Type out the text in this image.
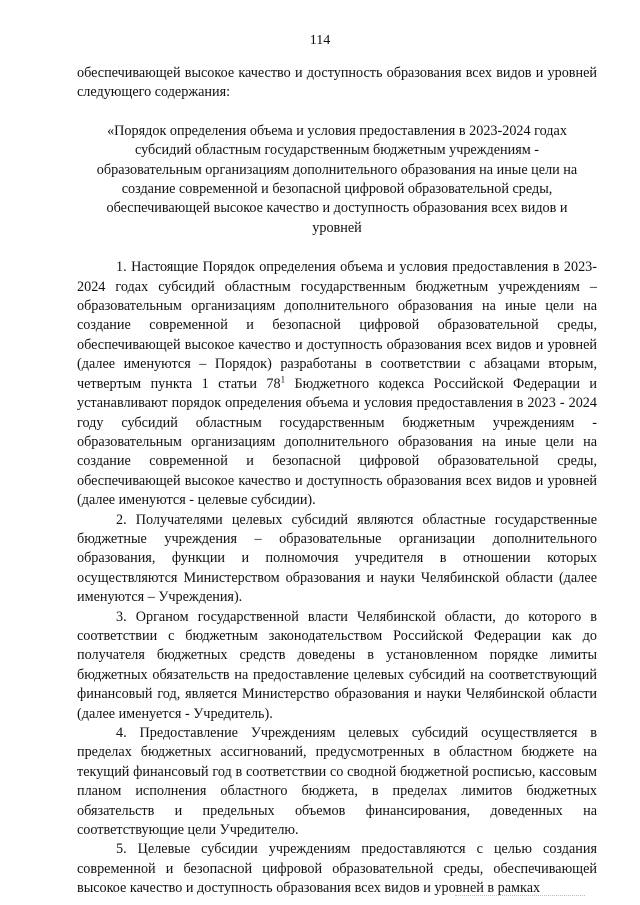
114

обеспечивающей высокое качество и доступность образования всех видов и уровней следующего содержания:

«Порядок определения объема и условия предоставления в 2023-2024 годах субсидий областным государственным бюджетным учреждениям - образовательным организациям дополнительного образования на иные цели на создание современной и безопасной цифровой образовательной среды, обеспечивающей высокое качество и доступность образования всех видов и уровней

1. Настоящие Порядок определения объема и условия предоставления в 2023-2024 годах субсидий областным государственным бюджетным учреждениям – образовательным организациям дополнительного образования на иные цели на создание современной и безопасной цифровой образовательной среды, обеспечивающей высокое качество и доступность образования всех видов и уровней (далее именуются – Порядок) разработаны в соответствии с абзацами вторым, четвертым пункта 1 статьи $78^1$ Бюджетного кодекса Российской Федерации и устанавливают порядок определения объема и условия предоставления в 2023 - 2024 году субсидий областным государственным бюджетным учреждениям - образовательным организациям дополнительного образования на иные цели на создание современной и безопасной цифровой образовательной среды, обеспечивающей высокое качество и доступность образования всех видов и уровней (далее именуются - целевые субсидии).

2. Получателями целевых субсидий являются областные государственные бюджетные учреждения – образовательные организации дополнительного образования, функции и полномочия учредителя в отношении которых осуществляются Министерством образования и науки Челябинской области (далее именуются – Учреждения).

3. Органом государственной власти Челябинской области, до которого в соответствии с бюджетным законодательством Российской Федерации как до получателя бюджетных средств доведены в установленном порядке лимиты бюджетных обязательств на предоставление целевых субсидий на соответствующий финансовый год, является Министерство образования и науки Челябинской области (далее именуется - Учредитель).

4. Предоставление Учреждениям целевых субсидий осуществляется в пределах бюджетных ассигнований, предусмотренных в областном бюджете на текущий финансовый год в соответствии со сводной бюджетной росписью, кассовым планом исполнения областного бюджета, в пределах лимитов бюджетных обязательств и предельных объемов финансирования, доведенных на соответствующие цели Учредителю.

5. Целевые субсидии учреждениям предоставляются с целью создания современной и безопасной цифровой образовательной среды, обеспечивающей высокое качество и доступность образования всех видов и уровней в рамках
